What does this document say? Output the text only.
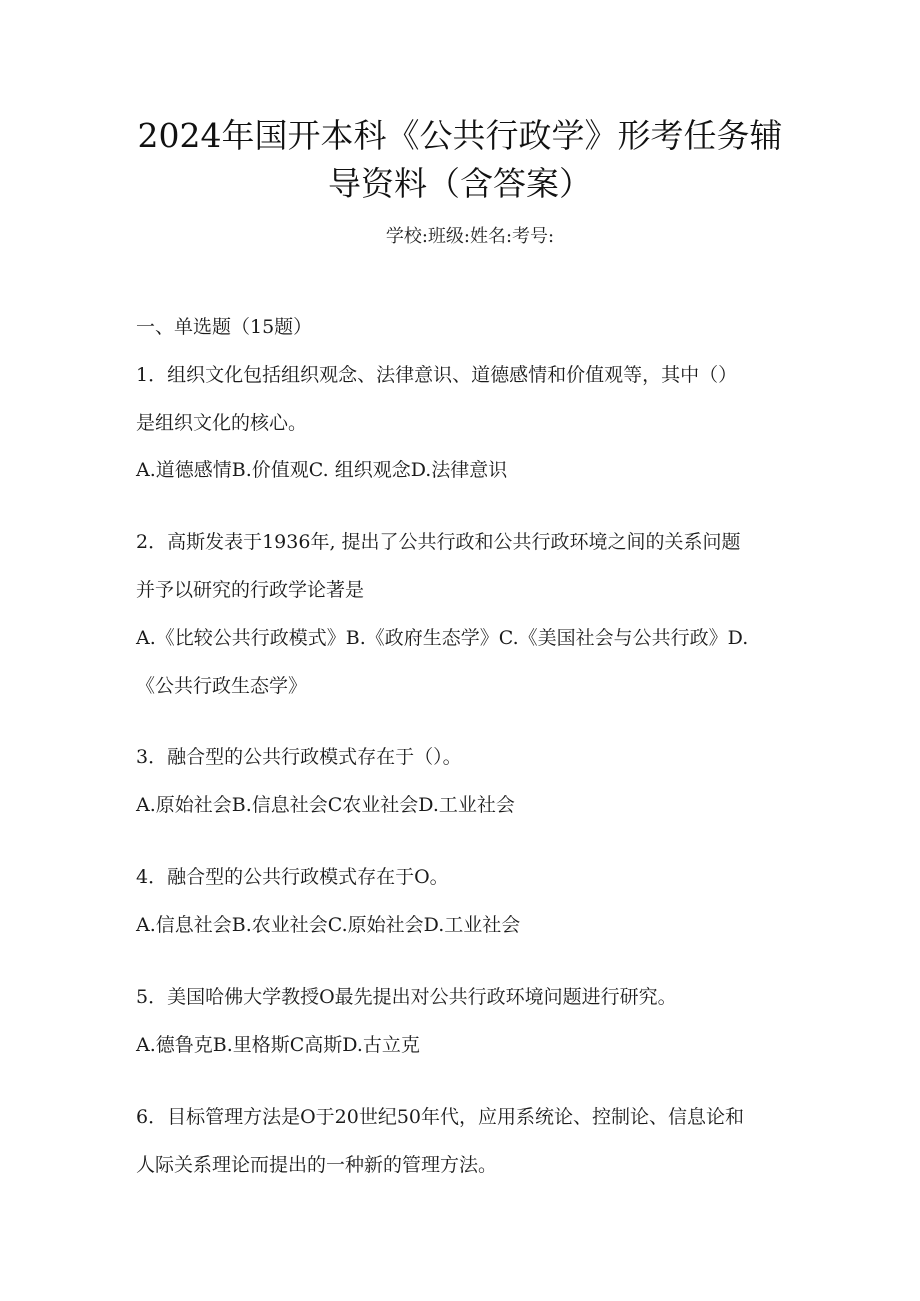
2024年国开本科《公共行政学》形考任务辅
导资料（含答案）
学校:班级:姓名:考号:
一、单选题（15题）
1．组织文化包括组织观念、法律意识、道德感情和价值观等，其中（）
是组织文化的核心。
A.道德感情B.价值观C. 组织观念D.法律意识
2．高斯发表于1936年, 提出了公共行政和公共行政环境之间的关系问题
并予以研究的行政学论著是
A.《比较公共行政模式》B.《政府生态学》C.《美国社会与公共行政》D.
《公共行政生态学》
3．融合型的公共行政模式存在于（）。
A.原始社会B.信息社会C农业社会D.工业社会
4．融合型的公共行政模式存在于O。
A.信息社会B.农业社会C.原始社会D.工业社会
5．美国哈佛大学教授O最先提出对公共行政环境问题进行研究。
A.德鲁克B.里格斯C高斯D.古立克
6．目标管理方法是O于20世纪50年代，应用系统论、控制论、信息论和
人际关系理论而提出的一种新的管理方法。
